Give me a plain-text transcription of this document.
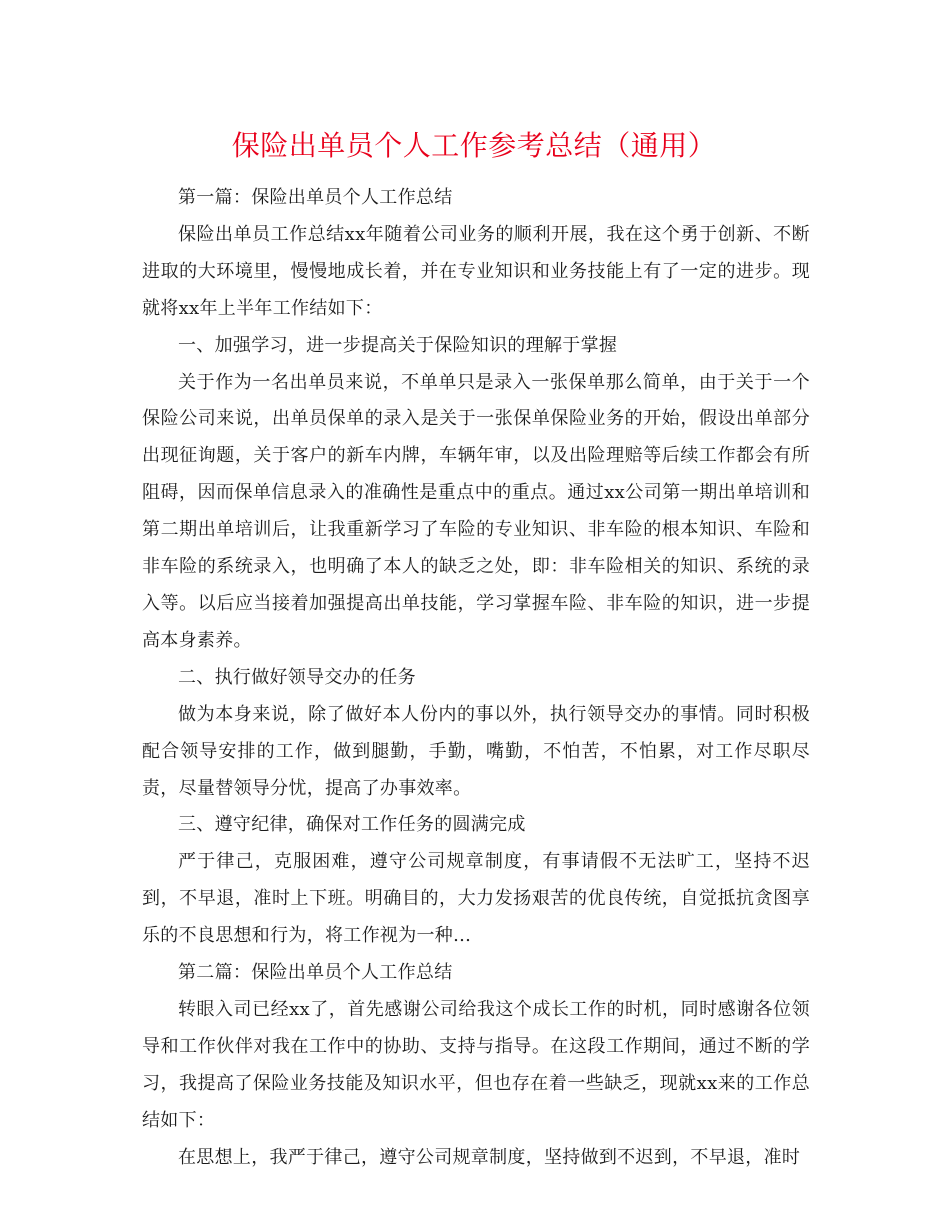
保险出单员个人工作参考总结（通用）

第一篇：保险出单员个人工作总结

保险出单员工作总结xx年随着公司业务的顺利开展，我在这个勇于创新、不断进取的大环境里，慢慢地成长着，并在专业知识和业务技能上有了一定的进步。现就将xx年上半年工作结如下：

一、加强学习，进一步提高关于保险知识的理解于掌握

关于作为一名出单员来说，不单单只是录入一张保单那么简单，由于关于一个保险公司来说，出单员保单的录入是关于一张保单保险业务的开始，假设出单部分出现征询题，关于客户的新车内牌，车辆年审，以及出险理赔等后续工作都会有所阻碍，因而保单信息录入的准确性是重点中的重点。通过xx公司第一期出单培训和第二期出单培训后，让我重新学习了车险的专业知识、非车险的根本知识、车险和非车险的系统录入，也明确了本人的缺乏之处，即：非车险相关的知识、系统的录入等。以后应当接着加强提高出单技能，学习掌握车险、非车险的知识，进一步提高本身素养。

二、执行做好领导交办的任务

做为本身来说，除了做好本人份内的事以外，执行领导交办的事情。同时积极配合领导安排的工作，做到腿勤，手勤，嘴勤，不怕苦，不怕累，对工作尽职尽责，尽量替领导分忧，提高了办事效率。

三、遵守纪律，确保对工作任务的圆满完成

严于律己，克服困难，遵守公司规章制度，有事请假不无法旷工，坚持不迟到，不早退，准时上下班。明确目的，大力发扬艰苦的优良传统，自觉抵抗贪图享乐的不良思想和行为，将工作视为一种...

第二篇：保险出单员个人工作总结

转眼入司已经xx了，首先感谢公司给我这个成长工作的时机，同时感谢各位领导和工作伙伴对我在工作中的协助、支持与指导。在这段工作期间，通过不断的学习，我提高了保险业务技能及知识水平，但也存在着一些缺乏，现就xx来的工作总结如下：

在思想上，我严于律己，遵守公司规章制度，坚持做到不迟到，不早退，准时
